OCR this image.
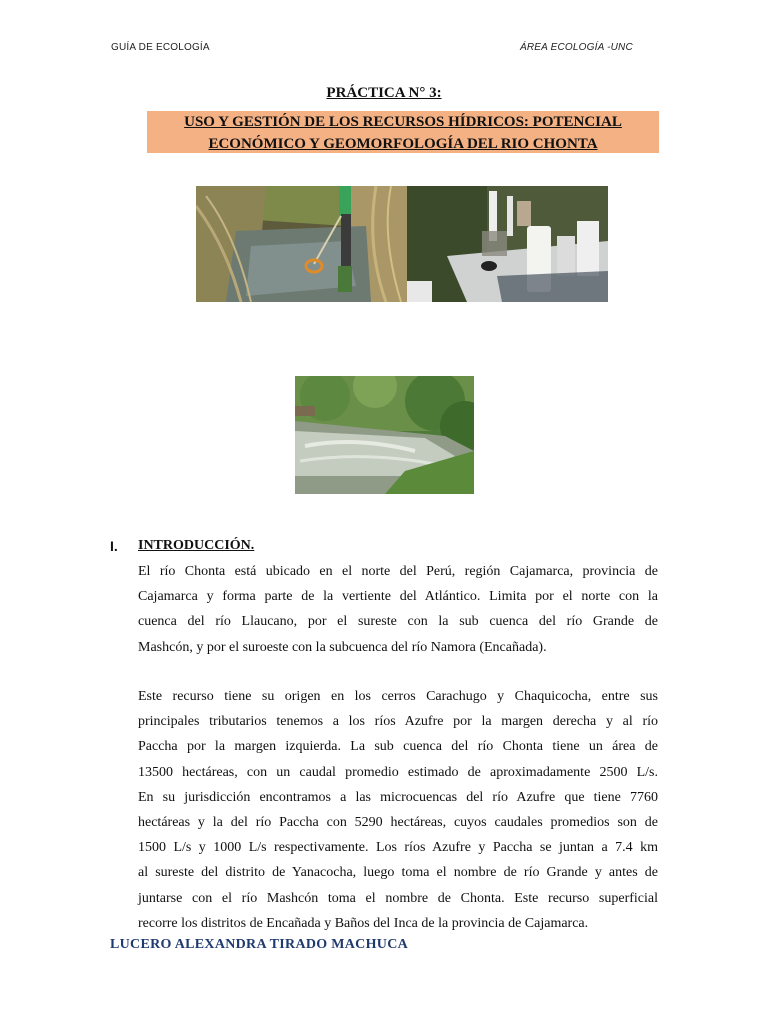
GUÍA DE ECOLOGÍA	ÁREA ECOLOGÍA -UNC
PRÁCTICA N° 3:
USO Y GESTIÓN DE LOS RECURSOS HÍDRICOS: POTENCIAL
ECONÓMICO Y GEOMORFOLOGÍA DEL RIO CHONTA
I. INTRODUCCIÓN.
El río Chonta está ubicado en el norte del Perú, región Cajamarca, provincia de
Cajamarca y forma parte de la vertiente del Atlántico. Limita por el norte con la
cuenca del río Llaucano, por el sureste con la sub cuenca del río Grande de
Mashcón, y por el suroeste con la subcuenca del río Namora (Encañada).
Este recurso tiene su origen en los cerros Carachugo y Chaquicocha, entre sus
principales tributarios tenemos a los ríos Azufre por la margen derecha y al río
Paccha por la margen izquierda. La sub cuenca del río Chonta tiene un área de
13500 hectáreas, con un caudal promedio estimado de aproximadamente 2500 L/s.
En su jurisdicción encontramos a las microcuencas del río Azufre que tiene 7760
hectáreas y la del río Paccha con 5290 hectáreas, cuyos caudales promedios son de
1500 L/s y 1000 L/s respectivamente. Los ríos Azufre y Paccha se juntan a 7.4 km
al sureste del distrito de Yanacocha, luego toma el nombre de río Grande y antes de
juntarse con el río Mashcón toma el nombre de Chonta. Este recurso superficial
recorre los distritos de Encañada y Baños del Inca de la provincia de Cajamarca.
LUCERO ALEXANDRA TIRADO MACHUCA
